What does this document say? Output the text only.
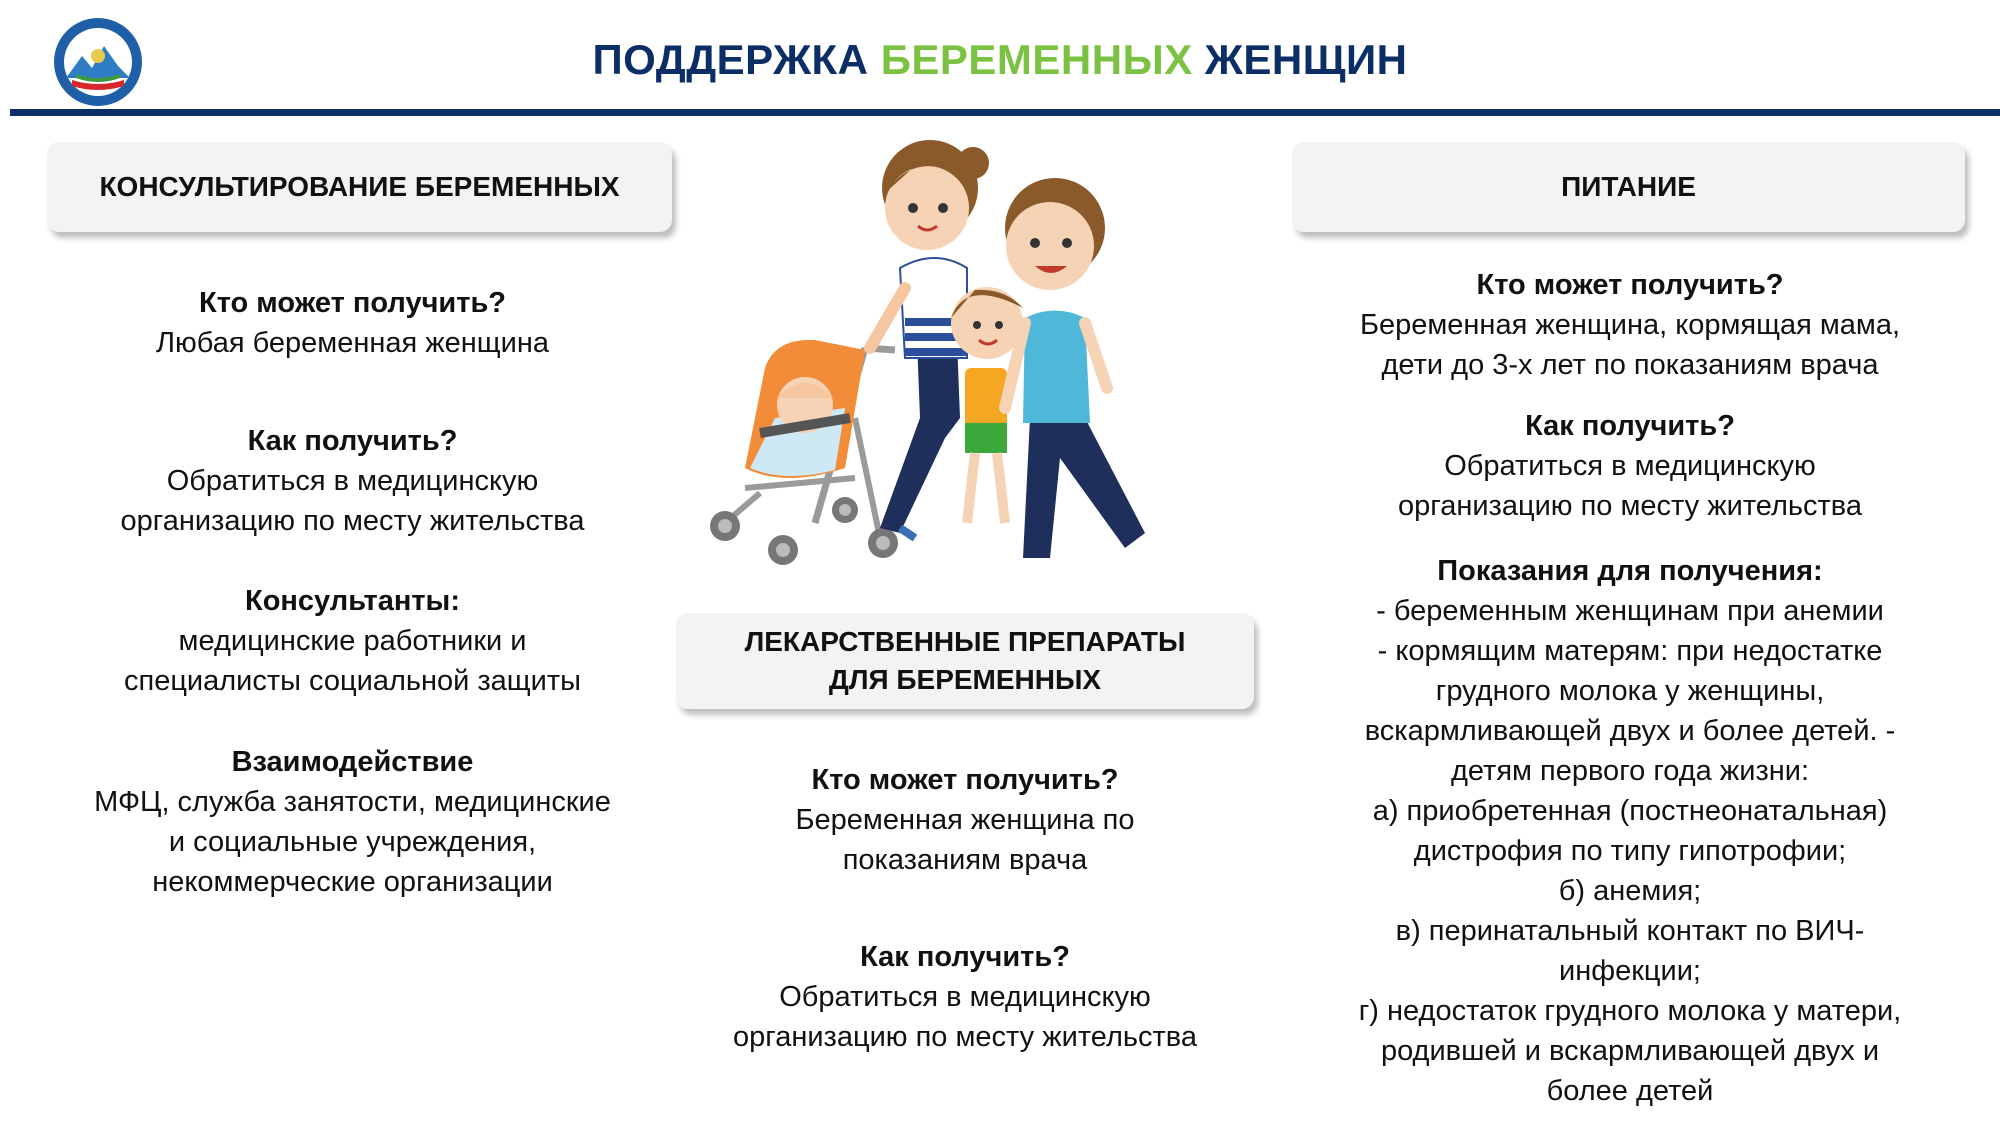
ПОДДЕРЖКА БЕРЕМЕННЫХ ЖЕНЩИН
КОНСУЛЬТИРОВАНИЕ БЕРЕМЕННЫХ	ПИТАНИЕ
ЛЕКАРСТВЕННЫЕ ПРЕПАРАТЫ
ДЛЯ БЕРЕМЕННЫХ

Кто может получить?

Любая беременная женщина

Как получить?

Обратиться в медицинскую

организацию по месту жительства

Консультанты:

медицинские работники и

специалисты социальной защиты

Взаимодействие

МФЦ, служба занятости, медицинские

и социальные учреждения,

некоммерческие организации

Кто может получить?

Беременная женщина по

показаниям врача

Как получить?

Обратиться в медицинскую

организацию по месту жительства

Кто может получить?

Беременная женщина, кормящая мама,

дети до 3-х лет по показаниям врача

Как получить?

Обратиться в медицинскую

организацию по месту жительства

Показания для получения:

- беременным женщинам при анемии

- кормящим матерям: при недостатке

грудного молока у женщины,

вскармливающей двух и более детей. -

детям первого года жизни:

а) приобретенная (постнеонатальная)

дистрофия по типу гипотрофии;

б) анемия;

в) перинатальный контакт по ВИЧ-

инфекции;

г) недостаток грудного молока у матери,

родившей и вскармливающей двух и

более детей
